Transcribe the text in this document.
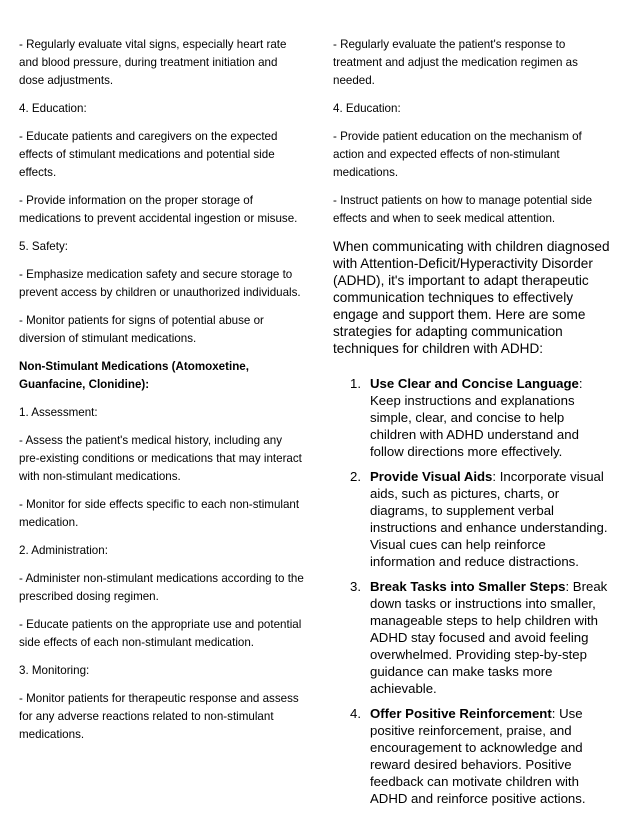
- Regularly evaluate vital signs, especially heart rate and blood pressure, during treatment initiation and dose adjustments.

4. Education:

- Educate patients and caregivers on the expected effects of stimulant medications and potential side effects.

- Provide information on the proper storage of medications to prevent accidental ingestion or misuse.

5. Safety:

- Emphasize medication safety and secure storage to prevent access by children or unauthorized individuals.

- Monitor patients for signs of potential abuse or diversion of stimulant medications.

Non-Stimulant Medications (Atomoxetine, Guanfacine, Clonidine):

1. Assessment:

- Assess the patient's medical history, including any pre-existing conditions or medications that may interact with non-stimulant medications.

- Monitor for side effects specific to each non-stimulant medication.

2. Administration:

- Administer non-stimulant medications according to the prescribed dosing regimen.

- Educate patients on the appropriate use and potential side effects of each non-stimulant medication.

3. Monitoring:

- Monitor patients for therapeutic response and assess for any adverse reactions related to non-stimulant medications.

- Regularly evaluate the patient's response to treatment and adjust the medication regimen as needed.

4. Education:

- Provide patient education on the mechanism of action and expected effects of non-stimulant medications.

- Instruct patients on how to manage potential side effects and when to seek medical attention.

When communicating with children diagnosed with Attention-Deficit/Hyperactivity Disorder (ADHD), it's important to adapt therapeutic communication techniques to effectively engage and support them. Here are some strategies for adapting communication techniques for children with ADHD:

1. Use Clear and Concise Language: Keep instructions and explanations simple, clear, and concise to help children with ADHD understand and follow directions more effectively.
2. Provide Visual Aids: Incorporate visual aids, such as pictures, charts, or diagrams, to supplement verbal instructions and enhance understanding. Visual cues can help reinforce information and reduce distractions.
3. Break Tasks into Smaller Steps: Break down tasks or instructions into smaller, manageable steps to help children with ADHD stay focused and avoid feeling overwhelmed. Providing step-by-step guidance can make tasks more achievable.
4. Offer Positive Reinforcement: Use positive reinforcement, praise, and encouragement to acknowledge and reward desired behaviors. Positive feedback can motivate children with ADHD and reinforce positive actions.
